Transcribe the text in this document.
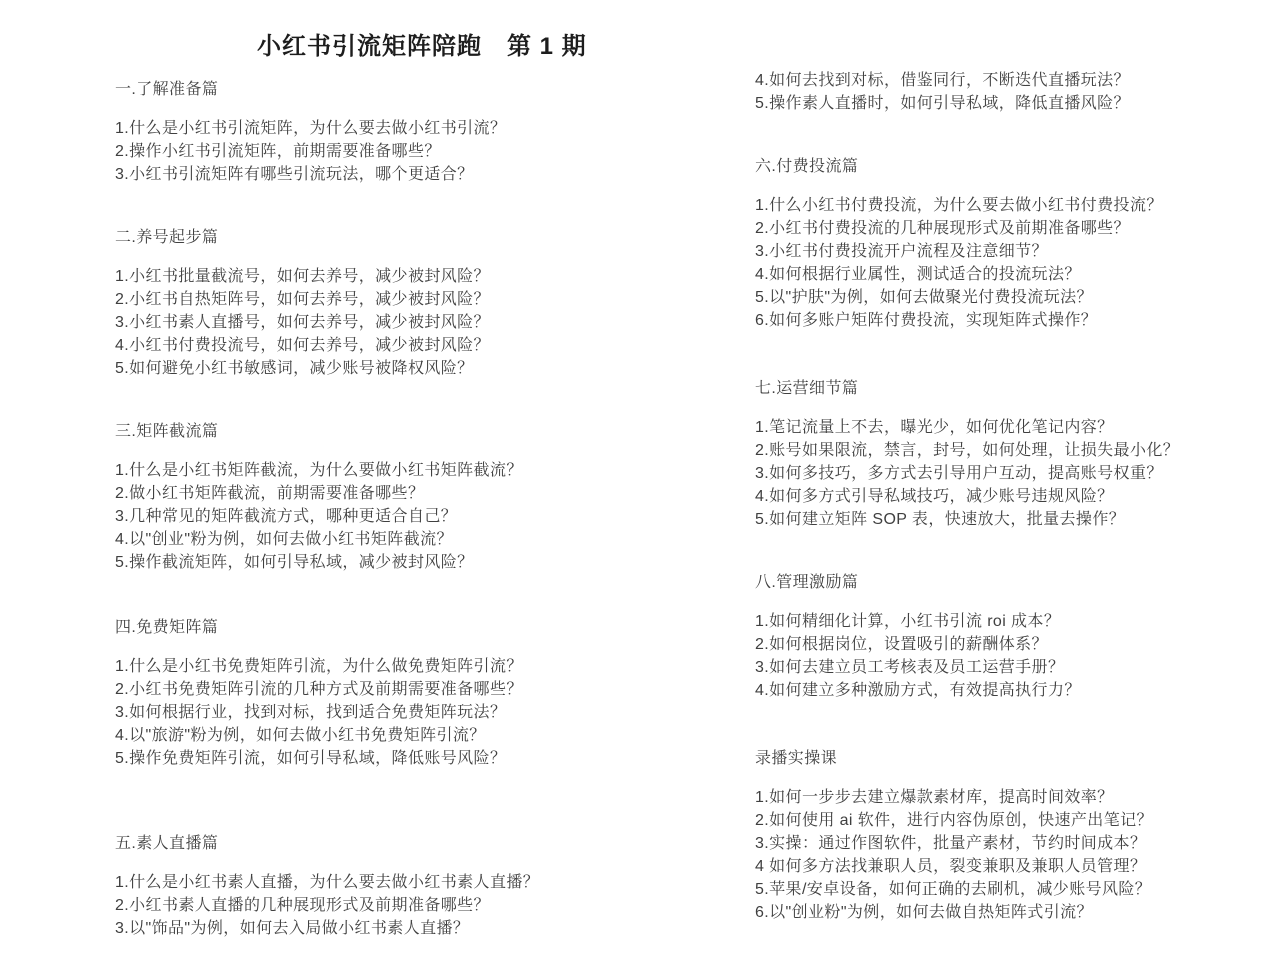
小红书引流矩阵陪跑　第 1 期
一.了解准备篇
1.什么是小红书引流矩阵，为什么要去做小红书引流？
2.操作小红书引流矩阵，前期需要准备哪些？
3.小红书引流矩阵有哪些引流玩法，哪个更适合？
二.养号起步篇
1.小红书批量截流号，如何去养号，减少被封风险？
2.小红书自热矩阵号，如何去养号，减少被封风险？
3.小红书素人直播号，如何去养号，减少被封风险？
4.小红书付费投流号，如何去养号，减少被封风险？
5.如何避免小红书敏感词，减少账号被降权风险？
三.矩阵截流篇
1.什么是小红书矩阵截流，为什么要做小红书矩阵截流？
2.做小红书矩阵截流，前期需要准备哪些？
3.几种常见的矩阵截流方式，哪种更适合自己？
4.以"创业"粉为例，如何去做小红书矩阵截流？
5.操作截流矩阵，如何引导私域，减少被封风险？
四.免费矩阵篇
1.什么是小红书免费矩阵引流，为什么做免费矩阵引流？
2.小红书免费矩阵引流的几种方式及前期需要准备哪些？
3.如何根据行业，找到对标，找到适合免费矩阵玩法？
4.以"旅游"粉为例，如何去做小红书免费矩阵引流？
5.操作免费矩阵引流，如何引导私域，降低账号风险？
五.素人直播篇
1.什么是小红书素人直播，为什么要去做小红书素人直播？
2.小红书素人直播的几种展现形式及前期准备哪些？
3.以"饰品"为例，如何去入局做小红书素人直播？
4.如何去找到对标，借鉴同行，不断迭代直播玩法？
5.操作素人直播时，如何引导私域，降低直播风险？
六.付费投流篇
1.什么小红书付费投流，为什么要去做小红书付费投流？
2.小红书付费投流的几种展现形式及前期准备哪些？
3.小红书付费投流开户流程及注意细节？
4.如何根据行业属性，测试适合的投流玩法？
5.以"护肤"为例，如何去做聚光付费投流玩法？
6.如何多账户矩阵付费投流，实现矩阵式操作？
七.运营细节篇
1.笔记流量上不去，曝光少，如何优化笔记内容？
2.账号如果限流，禁言，封号，如何处理，让损失最小化？
3.如何多技巧，多方式去引导用户互动，提高账号权重？
4.如何多方式引导私域技巧，减少账号违规风险？
5.如何建立矩阵 SOP 表，快速放大，批量去操作？
八.管理激励篇
1.如何精细化计算，小红书引流 roi 成本？
2.如何根据岗位，设置吸引的薪酬体系？
3.如何去建立员工考核表及员工运营手册？
4.如何建立多种激励方式，有效提高执行力？
录播实操课
1.如何一步步去建立爆款素材库，提高时间效率？
2.如何使用 ai 软件，进行内容伪原创，快速产出笔记？
3.实操：通过作图软件，批量产素材，节约时间成本？
4 如何多方法找兼职人员，裂变兼职及兼职人员管理？
5.苹果/安卓设备，如何正确的去刷机，减少账号风险？
6.以"创业粉"为例，如何去做自热矩阵式引流？
